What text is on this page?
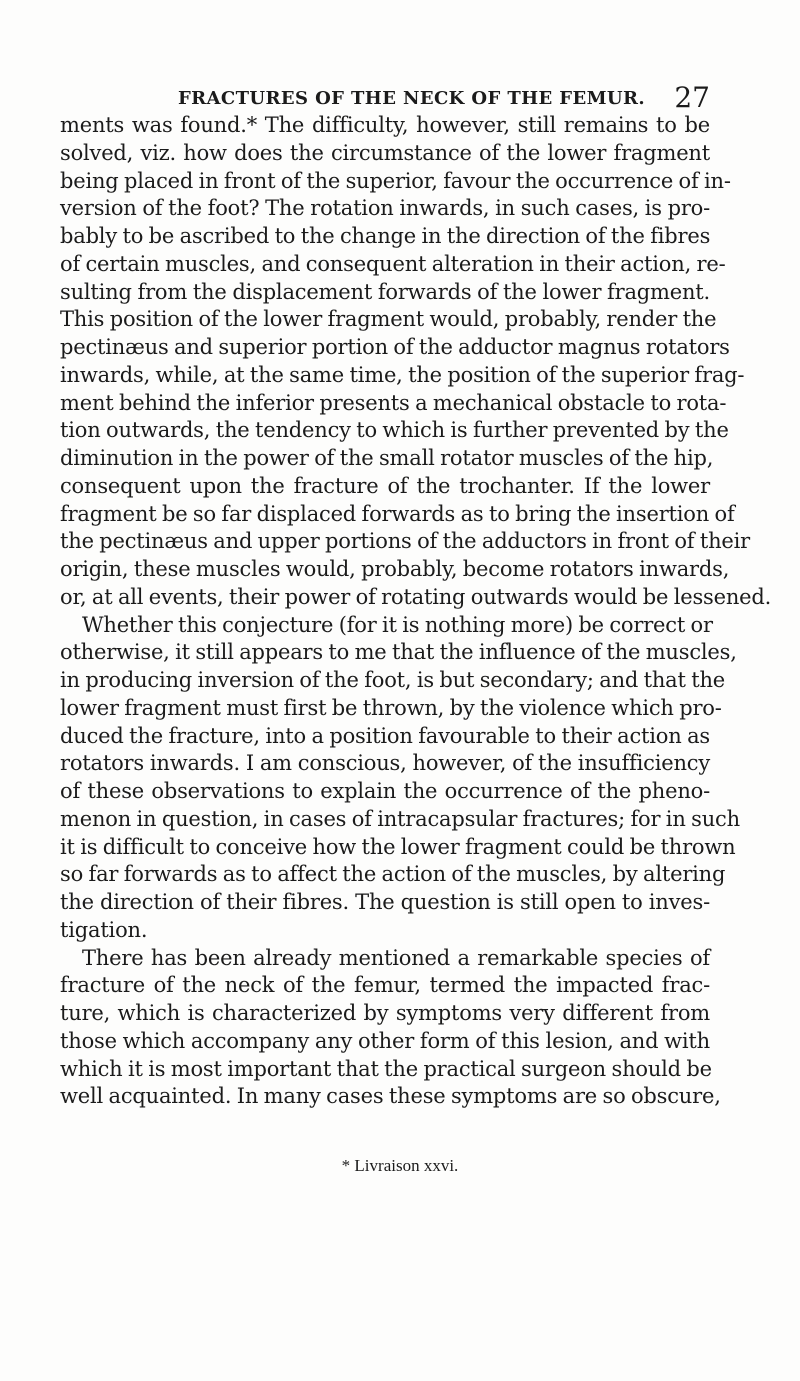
FRACTURES OF THE NECK OF THE FEMUR. 27
ments was found.* The difficulty, however, still remains to be
solved, viz. how does the circumstance of the lower fragment
being placed in front of the superior, favour the occurrence of in-
version of the foot? The rotation inwards, in such cases, is pro-
bably to be ascribed to the change in the direction of the fibres
of certain muscles, and consequent alteration in their action, re-
sulting from the displacement forwards of the lower fragment.
This position of the lower fragment would, probably, render the
pectinæus and superior portion of the adductor magnus rotators
inwards, while, at the same time, the position of the superior frag-
ment behind the inferior presents a mechanical obstacle to rota-
tion outwards, the tendency to which is further prevented by the
diminution in the power of the small rotator muscles of the hip,
consequent upon the fracture of the trochanter. If the lower
fragment be so far displaced forwards as to bring the insertion of
the pectinæus and upper portions of the adductors in front of their
origin, these muscles would, probably, become rotators inwards,
or, at all events, their power of rotating outwards would be lessened.
Whether this conjecture (for it is nothing more) be correct or
otherwise, it still appears to me that the influence of the muscles,
in producing inversion of the foot, is but secondary; and that the
lower fragment must first be thrown, by the violence which pro-
duced the fracture, into a position favourable to their action as
rotators inwards. I am conscious, however, of the insufficiency
of these observations to explain the occurrence of the pheno-
menon in question, in cases of intracapsular fractures; for in such
it is difficult to conceive how the lower fragment could be thrown
so far forwards as to affect the action of the muscles, by altering
the direction of their fibres. The question is still open to inves-
tigation.
There has been already mentioned a remarkable species of
fracture of the neck of the femur, termed the impacted frac-
ture, which is characterized by symptoms very different from
those which accompany any other form of this lesion, and with
which it is most important that the practical surgeon should be
well acquainted. In many cases these symptoms are so obscure,
* Livraison xxvi.
